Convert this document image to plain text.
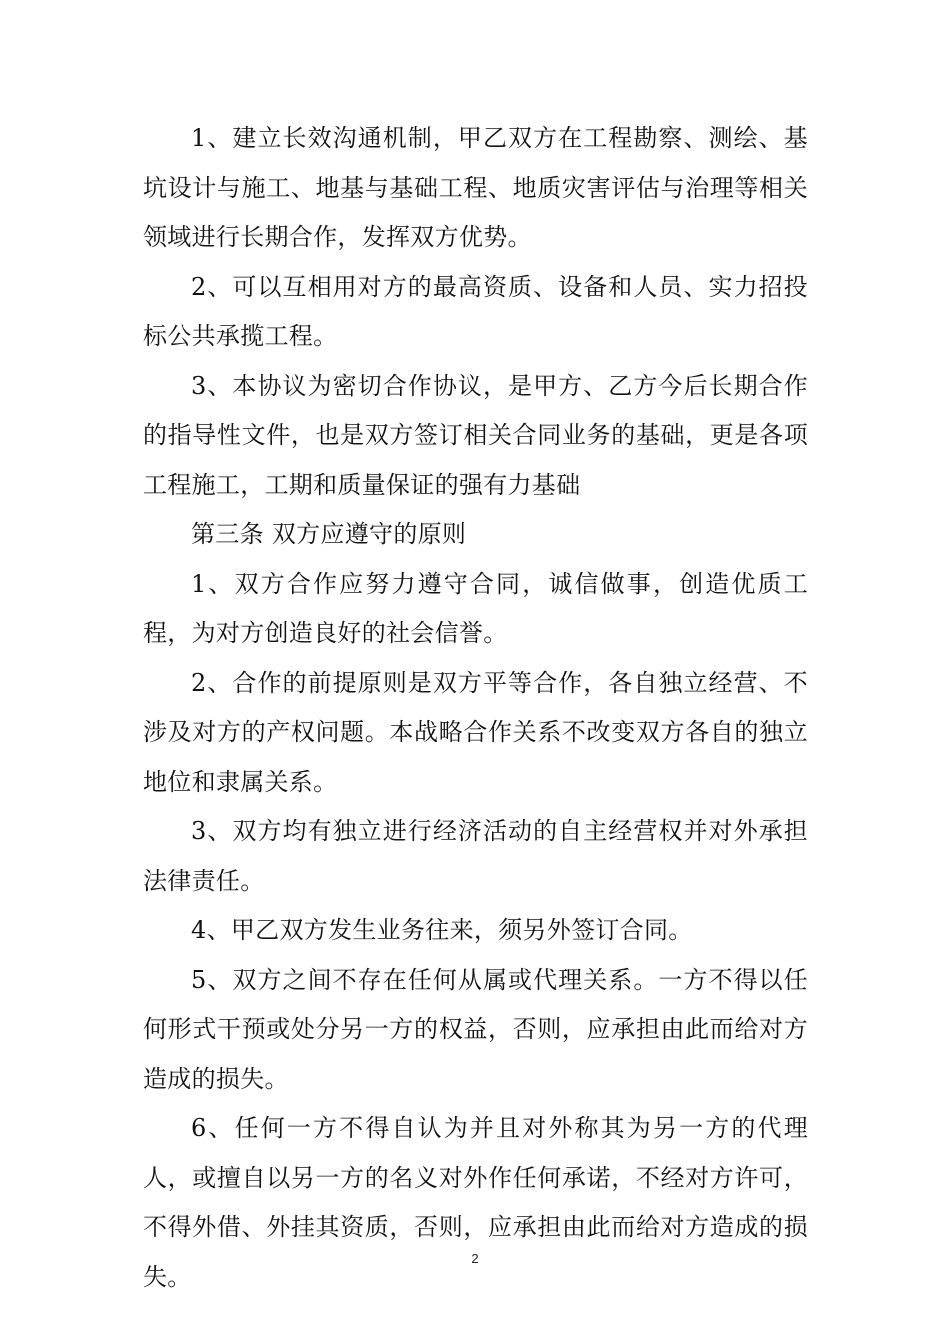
1、建立长效沟通机制，甲乙双方在工程勘察、测绘、基坑设计与施工、地基与基础工程、地质灾害评估与治理等相关领域进行长期合作，发挥双方优势。

2、可以互相用对方的最高资质、设备和人员、实力招投标公共承揽工程。

3、本协议为密切合作协议，是甲方、乙方今后长期合作的指导性文件，也是双方签订相关合同业务的基础，更是各项工程施工，工期和质量保证的强有力基础

第三条 双方应遵守的原则

1、双方合作应努力遵守合同，诚信做事，创造优质工程，为对方创造良好的社会信誉。

2、合作的前提原则是双方平等合作，各自独立经营、不涉及对方的产权问题。本战略合作关系不改变双方各自的独立地位和隶属关系。

3、双方均有独立进行经济活动的自主经营权并对外承担法律责任。

4、甲乙双方发生业务往来，须另外签订合同。

5、双方之间不存在任何从属或代理关系。一方不得以任何形式干预或处分另一方的权益，否则，应承担由此而给对方造成的损失。

6、任何一方不得自认为并且对外称其为另一方的代理人，或擅自以另一方的名义对外作任何承诺，不经对方许可，不得外借、外挂其资质，否则，应承担由此而给对方造成的损失。

2
